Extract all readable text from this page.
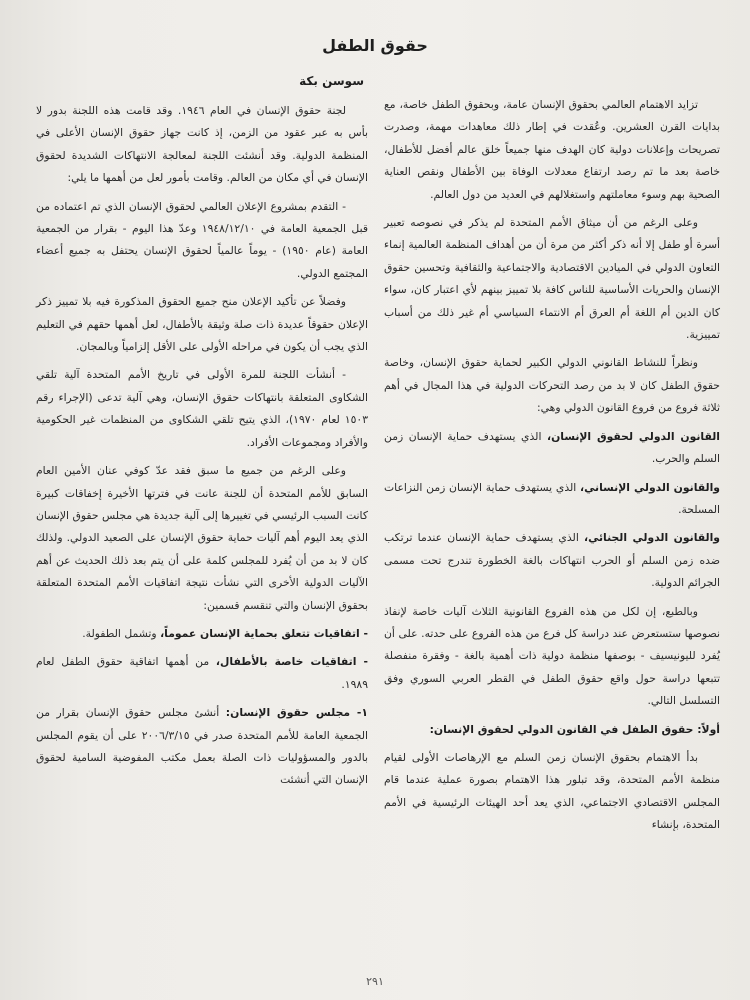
حقوق الطفل
سوسن بكة

تزايد الاهتمام العالمي بحقوق الإنسان عامة، وبحقوق الطفل خاصة، مع بدايات القرن العشرين. وعُقدت في إطار ذلك معاهدات مهمة، وصدرت تصريحات وإعلانات دولية كان الهدف منها جميعاً خلق عالم أفضل للأطفال، خاصة بعد ما تم رصد ارتفاع معدلات الوفاة بين الأطفال ونقص العناية الصحية بهم وسوء معاملتهم واستغلالهم في العديد من دول العالم.

وعلى الرغم من أن ميثاق الأمم المتحدة لم يذكر في نصوصه تعبير أسرة أو طفل إلا أنه ذكر أكثر من مرة أن من أهداف المنظمة العالمية إنماء التعاون الدولي في الميادين الاقتصادية والاجتماعية والثقافية وتحسين حقوق الإنسان والحريات الأساسية للناس كافة بلا تمييز بينهم لأي اعتبار كان، سواء كان الدين أم اللغة أم العرق أم الانتماء السياسي أم غير ذلك من أسباب تمييزية.

ونظراً للنشاط القانوني الدولي الكبير لحماية حقوق الإنسان، وخاصة حقوق الطفل كان لا بد من رصد التحركات الدولية في هذا المجال في أهم ثلاثة فروع من فروع القانون الدولي وهي:

القانون الدولي لحقوق الإنسان، الذي يستهدف حماية الإنسان زمن السلم والحرب.

والقانون الدولي الإنساني، الذي يستهدف حماية الإنسان زمن النزاعات المسلحة.

والقانون الدولي الجنائي، الذي يستهدف حماية الإنسان عندما ترتكب ضده زمن السلم أو الحرب انتهاكات بالغة الخطورة تندرج تحت مسمى الجرائم الدولية.

وبالطبع، إن لكل من هذه الفروع القانونية الثلاث آليات خاصة لإنفاذ نصوصها ستستعرض عند دراسة كل فرع من هذه الفروع على حدته. على أن يُفرد لليونيسيف - بوصفها منظمة دولية ذات أهمية بالغة - وفقرة منفصلة تتبعها دراسة حول واقع حقوق الطفل في القطر العربي السوري وفق التسلسل التالي.

أولاً: حقوق الطفل في القانون الدولي لحقوق الإنسان:

بدأ الاهتمام بحقوق الإنسان زمن السلم مع الإرهاصات الأولى لقيام منظمة الأمم المتحدة، وقد تبلور هذا الاهتمام بصورة عملية عندما قام المجلس الاقتصادي الاجتماعي، الذي يعد أحد الهيئات الرئيسية في الأمم المتحدة، بإنشاء

لجنة حقوق الإنسان في العام ١٩٤٦. وقد قامت هذه اللجنة بدور لا بأس به عبر عقود من الزمن، إذ كانت جهاز حقوق الإنسان الأعلى في المنظمة الدولية. وقد أنشئت اللجنة لمعالجة الانتهاكات الشديدة لحقوق الإنسان في أي مكان من العالم. وقامت بأمور لعل من أهمها ما يلي:

- التقدم بمشروع الإعلان العالمي لحقوق الإنسان الذي تم اعتماده من قبل الجمعية العامة في ١٩٤٨/١٢/١٠ وعدّ هذا اليوم - بقرار من الجمعية العامة (عام ١٩٥٠) - يوماً عالمياً لحقوق الإنسان يحتفل به جميع أعضاء المجتمع الدولي.

وفضلاً عن تأكيد الإعلان منح جميع الحقوق المذكورة فيه بلا تمييز ذكر الإعلان حقوقاً عديدة ذات صلة وثيقة بالأطفال، لعل أهمها حقهم في التعليم الذي يجب أن يكون في مراحله الأولى على الأقل إلزامياً وبالمجان.

- أنشأت اللجنة للمرة الأولى في تاريخ الأمم المتحدة آلية تلقي الشكاوى المتعلقة بانتهاكات حقوق الإنسان، وهي آلية تدعى (الإجراء رقم ١٥٠٣ لعام ١٩٧٠)، الذي يتيح تلقي الشكاوى من المنظمات غير الحكومية والأفراد ومجموعات الأفراد.

وعلى الرغم من جميع ما سبق فقد عدّ كوفي عنان الأمين العام السابق للأمم المتحدة أن للجنة عانت في فترتها الأخيرة إخفاقات كبيرة كانت السبب الرئيسي في تغييرها إلى آلية جديدة هي مجلس حقوق الإنسان الذي يعد اليوم أهم آليات حماية حقوق الإنسان على الصعيد الدولي. ولذلك كان لا بد من أن يُفرد للمجلس كلمة على أن يتم بعد ذلك الحديث عن أهم الآليات الدولية الأخرى التي نشأت نتيجة اتفاقيات الأمم المتحدة المتعلقة بحقوق الإنسان والتي تنقسم قسمين:

- اتفاقيات تتعلق بحماية الإنسان عموماً، وتشمل الطفولة.

- اتفاقيات خاصة بالأطفال، من أهمها اتفاقية حقوق الطفل لعام ١٩٨٩.

١- مجلس حقوق الإنسان: أنشئ مجلس حقوق الإنسان بقرار من الجمعية العامة للأمم المتحدة صدر في ٢٠٠٦/٣/١٥ على أن يقوم المجلس بالدور والمسؤوليات ذات الصلة بعمل مكتب المفوضية السامية لحقوق الإنسان التي أنشئت

٢٩١
